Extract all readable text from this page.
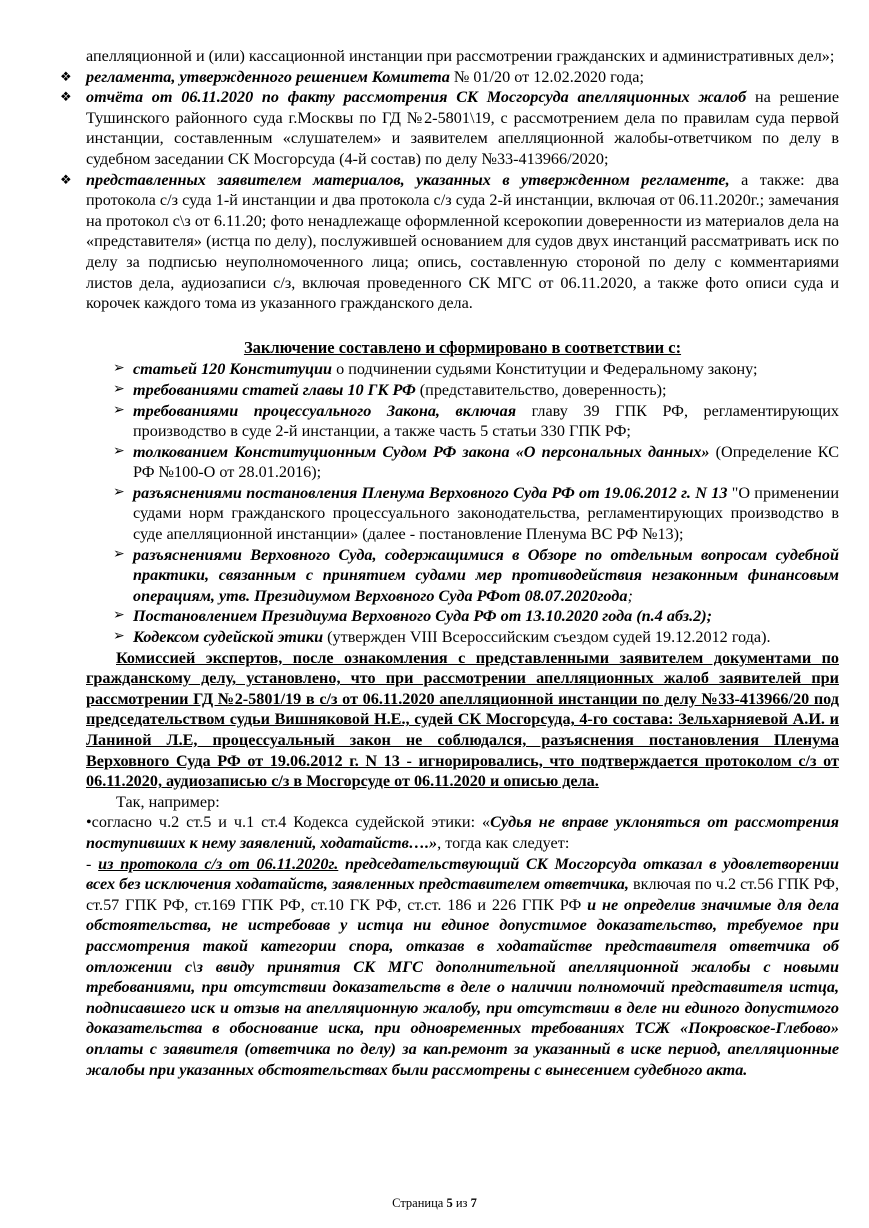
апелляционной и (или) кассационной инстанции при рассмотрении гражданских и административных дел»;

❖ регламента, утвержденного решением Комитета № 01/20 от 12.02.2020 года;
❖ отчёта от 06.11.2020 по факту рассмотрения СК Мосгорсуда апелляционных жалоб на решение Тушинского районного суда г.Москвы по ГД №2-5801\19, с рассмотрением дела по правилам суда первой инстанции, составленным «слушателем» и заявителем апелляционной жалобы-ответчиком по делу в судебном заседании СК Мосгорсуда (4-й состав) по делу №33-413966/2020;
❖ представленных заявителем материалов, указанных в утвержденном регламенте, а также: два протокола с/з суда 1-й инстанции и два протокола с/з суда 2-й инстанции, включая от 06.11.2020г.; замечания на протокол с\з от 6.11.20; фото ненадлежаще оформленной ксерокопии доверенности из материалов дела на «представителя» (истца по делу), послужившей основанием для судов двух инстанций рассматривать иск по делу за подписью неуполномоченного лица; опись, составленную стороной по делу с комментариями листов дела, аудиозаписи с/з, включая проведенного СК МГС от 06.11.2020, а также фото описи суда и корочек каждого тома из указанного гражданского дела.

Заключение составлено и сформировано в соответствии с:

➢ статьей 120 Конституции о подчинении судьями Конституции и Федеральному закону;
➢ требованиями статей главы 10 ГК РФ (представительство, доверенность);
➢ требованиями процессуального Закона, включая главу 39 ГПК РФ, регламентирующих производство в суде 2-й инстанции, а также часть 5 статьи 330 ГПК РФ;
➢ толкованием Конституционным Судом РФ закона «О персональных данных» (Определение КС РФ №100-О от 28.01.2016);
➢ разъяснениями постановления Пленума Верховного Суда РФ от 19.06.2012 г. N 13 "О применении судами норм гражданского процессуального законодательства, регламентирующих производство в суде апелляционной инстанции» (далее - постановление Пленума ВС РФ №13);
➢ разъяснениями Верховного Суда, содержащимися в Обзоре по отдельным вопросам судебной практики, связанным с принятием судами мер противодействия незаконным финансовым операциям, утв. Президиумом Верховного Суда РФот 08.07.2020года;
➢ Постановлением Президиума Верховного Суда РФ от 13.10.2020 года (п.4 абз.2);
➢ Кодексом судейской этики (утвержден VIII Всероссийским съездом судей 19.12.2012 года).

Комиссией экспертов, после ознакомления с представленными заявителем документами по гражданскому делу, установлено, что при рассмотрении апелляционных жалоб заявителей при рассмотрении ГД №2-5801/19 в с/з от 06.11.2020 апелляционной инстанции по делу №33-413966/20 под председательством судьи Вишняковой Н.Е., судей СК Мосгорсуда, 4-го состава: Зельхарняевой А.И. и Ланиной Л.Е, процессуальный закон не соблюдался, разъяснения постановления Пленума Верховного Суда РФ от 19.06.2012 г. N 13 - игнорировались, что подтверждается протоколом с/з от 06.11.2020, аудиозаписью с/з в Мосгорсуде от 06.11.2020 и описью дела.

Так, например:

•согласно ч.2 ст.5 и ч.1 ст.4 Кодекса судейской этики: «Судья не вправе уклоняться от рассмотрения поступивших к нему заявлений, ходатайств….», тогда как следует:

- из протокола с/з от 06.11.2020г. председательствующий СК Мосгорсуда отказал в удовлетворении всех без исключения ходатайств, заявленных представителем ответчика, включая по ч.2 ст.56 ГПК РФ, ст.57 ГПК РФ, ст.169 ГПК РФ, ст.10 ГК РФ, ст.ст. 186 и 226 ГПК РФ и не определив значимые для дела обстоятельства, не истребовав у истца ни единое допустимое доказательство, требуемое при рассмотрения такой категории спора, отказав в ходатайстве представителя ответчика об отложении с\з ввиду принятия СК МГС дополнительной апелляционной жалобы с новыми требованиями, при отсутствии доказательств в деле о наличии полномочий представителя истца, подписавшего иск и отзыв на апелляционную жалобу, при отсутствии в деле ни единого допустимого доказательства в обоснование иска, при одновременных требованиях ТСЖ «Покровское-Глебово» оплаты с заявителя (ответчика по делу) за кап.ремонт за указанный в иске период, апелляционные жалобы при указанных обстоятельствах были рассмотрены с вынесением судебного акта.

Страница 5 из 7
